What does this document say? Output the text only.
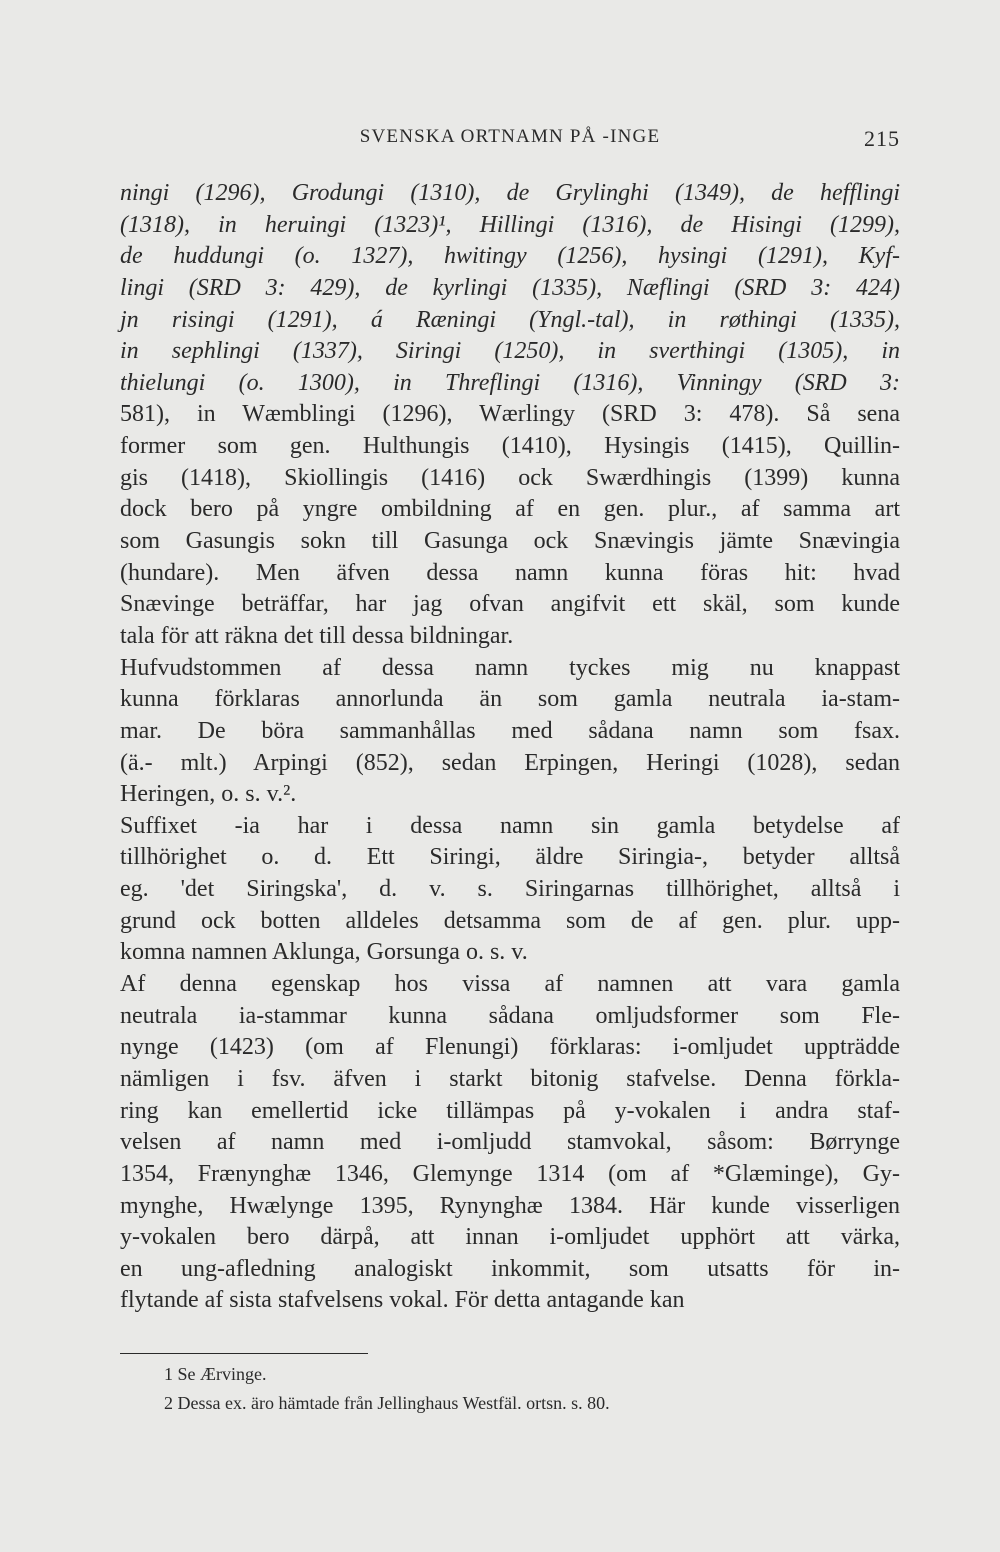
SVENSKA ORTNAMN PÅ -INGE	215
ningi (1296), Grodungi (1310), de Grylinghi (1349), de hefflingi
(1318), in heruingi (1323)¹, Hillingi (1316), de Hisingi (1299),
de huddungi (o. 1327), hwitingy (1256), hysingi (1291), Kyf-
lingi (SRD 3: 429), de kyrlingi (1335), Næflingi (SRD 3: 424)
jn risingi (1291), á Ræningi (Yngl.-tal), in røthingi (1335),
in sephlingi (1337), Siringi (1250), in sverthingi (1305), in
thielungi (o. 1300), in Threflingi (1316), Vinningy (SRD 3:
581), in Wæmblingi (1296), Wærlingy (SRD 3: 478). Så sena
former som gen. Hulthungis (1410), Hysingis (1415), Quillin-
gis (1418), Skiollingis (1416) ock Swærdhingis (1399) kunna
dock bero på yngre ombildning af en gen. plur., af samma art
som Gasungis sokn till Gasunga ock Snævingis jämte Snævingia
(hundare). Men äfven dessa namn kunna föras hit: hvad
Snævinge beträffar, har jag ofvan angifvit ett skäl, som kunde
tala för att räkna det till dessa bildningar.
Hufvudstommen af dessa namn tyckes mig nu knappast
kunna förklaras annorlunda än som gamla neutrala ia-stam-
mar. De böra sammanhållas med sådana namn som fsax.
(ä.- mlt.) Arpingi (852), sedan Erpingen, Heringi (1028), sedan
Heringen, o. s. v.².
Suffixet -ia har i dessa namn sin gamla betydelse af
tillhörighet o. d. Ett Siringi, äldre Siringia-, betyder alltså
eg. 'det Siringska', d. v. s. Siringarnas tillhörighet, alltså i
grund ock botten alldeles detsamma som de af gen. plur. upp-
komna namnen Aklunga, Gorsunga o. s. v.
Af denna egenskap hos vissa af namnen att vara gamla
neutrala ia-stammar kunna sådana omljudsformer som Fle-
nynge (1423) (om af Flenungi) förklaras: i-omljudet uppträdde
nämligen i fsv. äfven i starkt bitonig stafvelse. Denna förkla-
ring kan emellertid icke tillämpas på y-vokalen i andra staf-
velsen af namn med i-omljudd stamvokal, såsom: Børrynge
1354, Frænynghæ 1346, Glemynge 1314 (om af *Glæminge), Gy-
mynghe, Hwælynge 1395, Rynynghæ 1384. Här kunde visserligen
y-vokalen bero därpå, att innan i-omljudet upphört att värka,
en ung-afledning analogiskt inkommit, som utsatts för in-
flytande af sista stafvelsens vokal. För detta antagande kan
1 Se Ærvinge.
2 Dessa ex. äro hämtade från Jellinghaus Westfäl. ortsn. s. 80.
